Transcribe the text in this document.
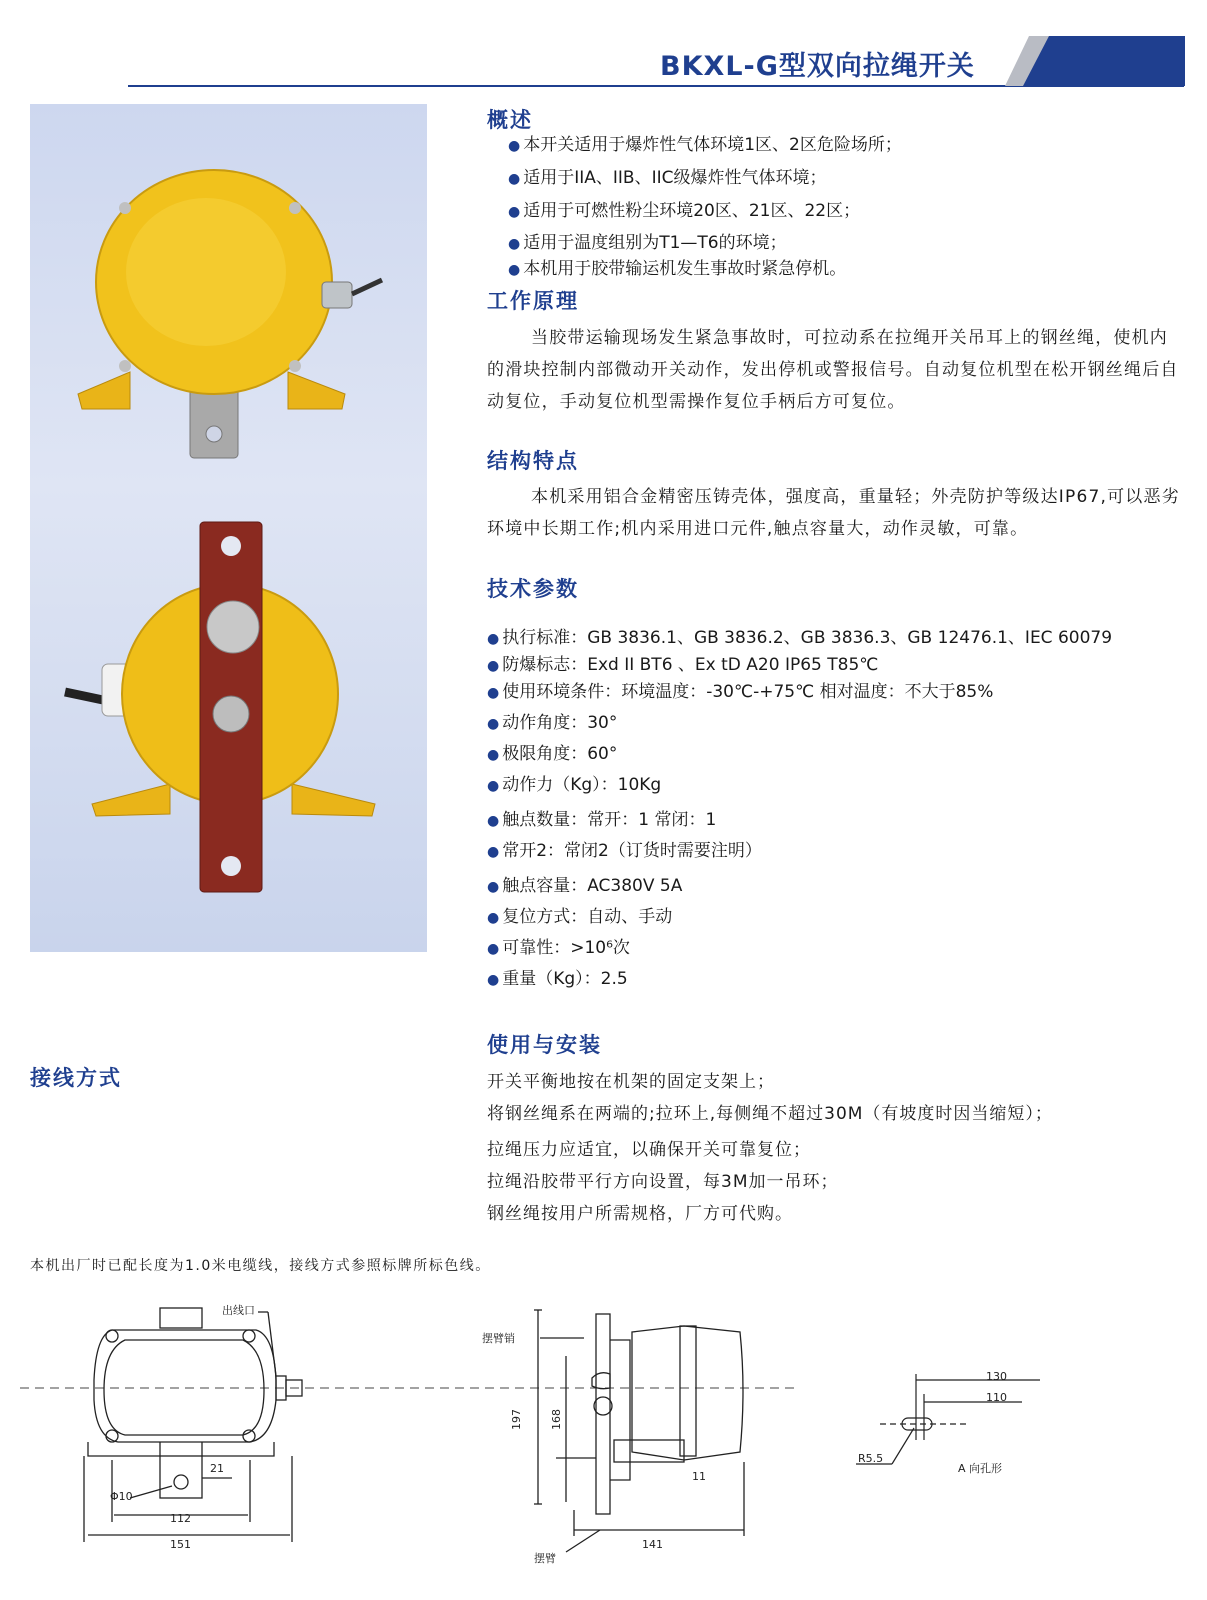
BKXL-G型双向拉绳开关
概述
● 本开关适用于爆炸性气体环境1区、2区危险场所；
● 适用于IIA、IIB、IIC级爆炸性气体环境；
● 适用于可燃性粉尘环境20区、21区、22区；
● 适用于温度组别为T1—T6的环境；
● 本机用于胶带输运机发生事故时紧急停机。
工作原理
当胶带运输现场发生紧急事故时，可拉动系在拉绳开关吊耳上的钢丝绳，使机内的滑块控制内部微动开关动作，发出停机或警报信号。自动复位机型在松开钢丝绳后自动复位，手动复位机型需操作复位手柄后方可复位。
结构特点
本机采用铝合金精密压铸壳体，强度高，重量轻；外壳防护等级达IP67,可以恶劣环境中长期工作;机内采用进口元件,触点容量大，动作灵敏，可靠。
技术参数
● 执行标准：GB 3836.1、GB 3836.2、GB 3836.3、GB 12476.1、IEC 60079
● 防爆标志：Exd II BT6 、Ex tD A20 IP65 T85℃
● 使用环境条件：环境温度：-30℃-+75℃ 相对温度：不大于85%
● 动作角度：30°
● 极限角度：60°
● 动作力（Kg）：10Kg
● 触点数量：常开：1 常闭：1
● 常开2：常闭2（订货时需要注明）
● 触点容量：AC380V 5A
● 复位方式：自动、手动
● 可靠性：>10⁶次
● 重量（Kg）：2.5
使用与安装
开关平衡地按在机架的固定支架上；
将钢丝绳系在两端的;拉环上,每侧绳不超过30M（有坡度时因当缩短）；
拉绳压力应适宜，以确保开关可靠复位；
拉绳沿胶带平行方向设置，每3M加一吊环；
钢丝绳按用户所需规格，厂方可代购。
接线方式
本机出厂时已配长度为1.0米电缆线，接线方式参照标牌所标色线。
出线口
Φ10
21
112
151
摆臂销
摆臂
197 168
11
141
130
110
R5.5
A 向孔形
